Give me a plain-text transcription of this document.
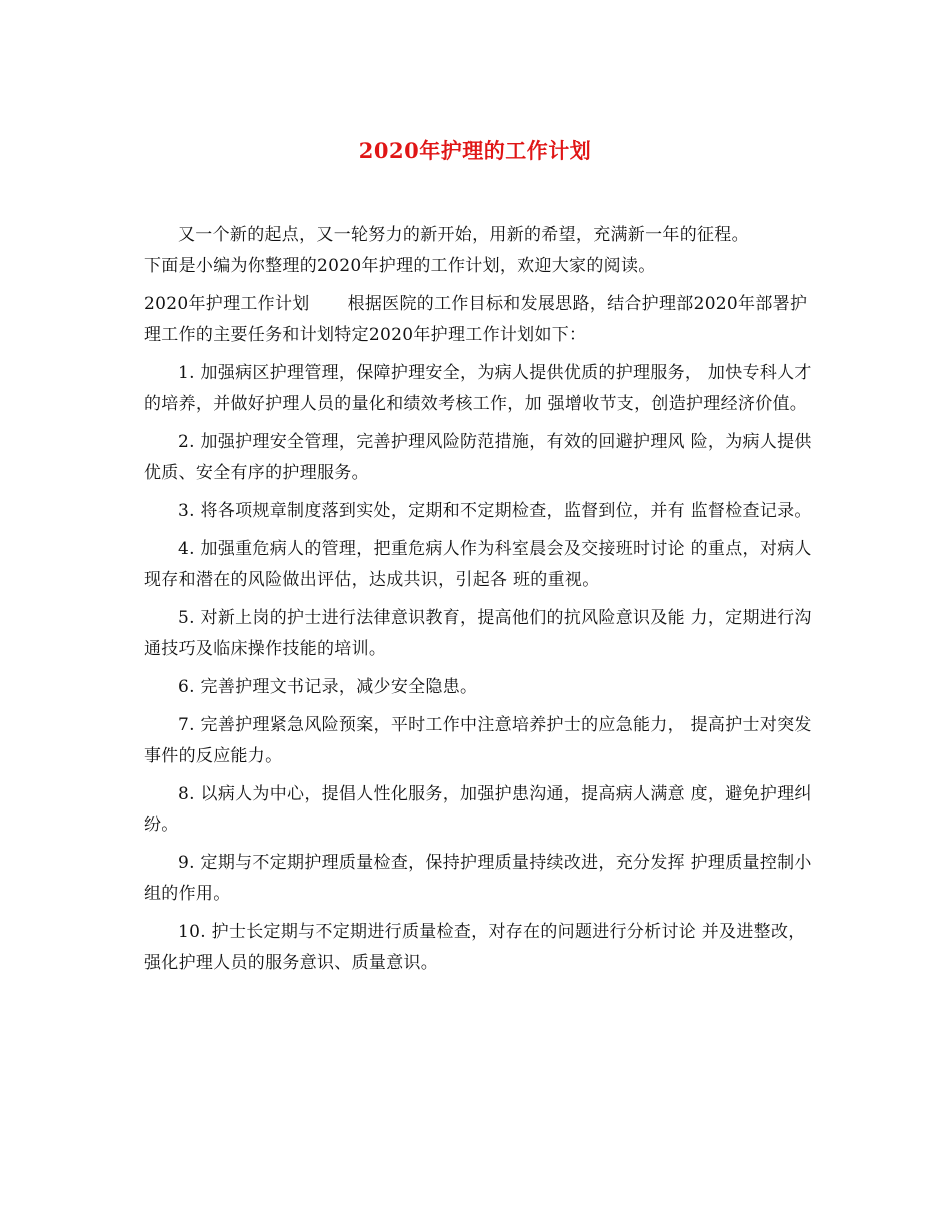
2020年护理的工作计划

又一个新的起点，又一轮努力的新开始，用新的希望，充满新一年的征程。

下面是小编为你整理的2020年护理的工作计划，欢迎大家的阅读。

2020年护理工作计划 根据医院的工作目标和发展思路，结合护理部2020年部署护理工作的主要任务和计划特定2020年护理工作计划如下：

1. 加强病区护理管理，保障护理安全，为病人提供优质的护理服务， 加快专科人才的培养，并做好护理人员的量化和绩效考核工作，加 强增收节支，创造护理经济价值。

2. 加强护理安全管理，完善护理风险防范措施，有效的回避护理风 险，为病人提供优质、安全有序的护理服务。

3. 将各项规章制度落到实处，定期和不定期检查，监督到位，并有 监督检查记录。

4. 加强重危病人的管理，把重危病人作为科室晨会及交接班时讨论 的重点，对病人现存和潜在的风险做出评估，达成共识，引起各 班的重视。

5. 对新上岗的护士进行法律意识教育，提高他们的抗风险意识及能 力，定期进行沟通技巧及临床操作技能的培训。

6. 完善护理文书记录，减少安全隐患。

7. 完善护理紧急风险预案，平时工作中注意培养护士的应急能力， 提高护士对突发事件的反应能力。

8. 以病人为中心，提倡人性化服务，加强护患沟通，提高病人满意 度，避免护理纠纷。

9. 定期与不定期护理质量检查，保持护理质量持续改进，充分发挥 护理质量控制小组的作用。

10. 护士长定期与不定期进行质量检查，对存在的问题进行分析讨论 并及进整改，强化护理人员的服务意识、质量意识。
